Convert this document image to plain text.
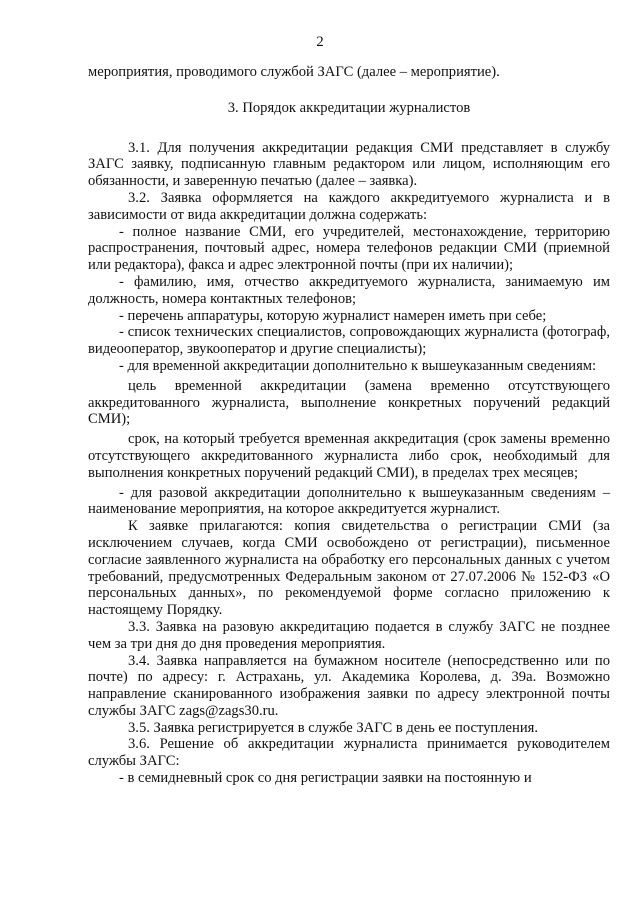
2

мероприятия, проводимого службой ЗАГС (далее – мероприятие).

3. Порядок аккредитации журналистов

3.1. Для получения аккредитации редакция СМИ представляет в службу ЗАГС заявку, подписанную главным редактором или лицом, исполняющим его обязанности, и заверенную печатью (далее – заявка).

3.2. Заявка оформляется на каждого аккредитуемого журналиста и в зависимости от вида аккредитации должна содержать:

- полное название СМИ, его учредителей, местонахождение, территорию распространения, почтовый адрес, номера телефонов редакции СМИ (приемной или редактора), факса и адрес электронной почты (при их наличии);

- фамилию, имя, отчество аккредитуемого журналиста, занимаемую им должность, номера контактных телефонов;

- перечень аппаратуры, которую журналист намерен иметь при себе;

- список технических специалистов, сопровождающих журналиста (фотограф, видеооператор, звукооператор и другие специалисты);

- для временной аккредитации дополнительно к вышеуказанным сведениям:

цель временной аккредитации (замена временно отсутствующего аккредитованного журналиста, выполнение конкретных поручений редакций СМИ);

срок, на который требуется временная аккредитация (срок замены временно отсутствующего аккредитованного журналиста либо срок, необходимый для выполнения конкретных поручений редакций СМИ), в пределах трех месяцев;

- для разовой аккредитации дополнительно к вышеуказанным сведениям – наименование мероприятия, на которое аккредитуется журналист.

К заявке прилагаются: копия свидетельства о регистрации СМИ (за исключением случаев, когда СМИ освобождено от регистрации), письменное согласие заявленного журналиста на обработку его персональных данных с учетом требований, предусмотренных Федеральным законом от 27.07.2006 № 152-ФЗ «О персональных данных», по рекомендуемой форме согласно приложению к настоящему Порядку.

3.3. Заявка на разовую аккредитацию подается в службу ЗАГС не позднее чем за три дня до дня проведения мероприятия.

3.4. Заявка направляется на бумажном носителе (непосредственно или по почте) по адресу: г. Астрахань, ул. Академика Королева, д. 39а. Возможно направление сканированного изображения заявки по адресу электронной почты службы ЗАГС zags@zags30.ru.

3.5. Заявка регистрируется в службе ЗАГС в день ее поступления.

3.6. Решение об аккредитации журналиста принимается руководителем службы ЗАГС:

- в семидневный срок со дня регистрации заявки на постоянную и
